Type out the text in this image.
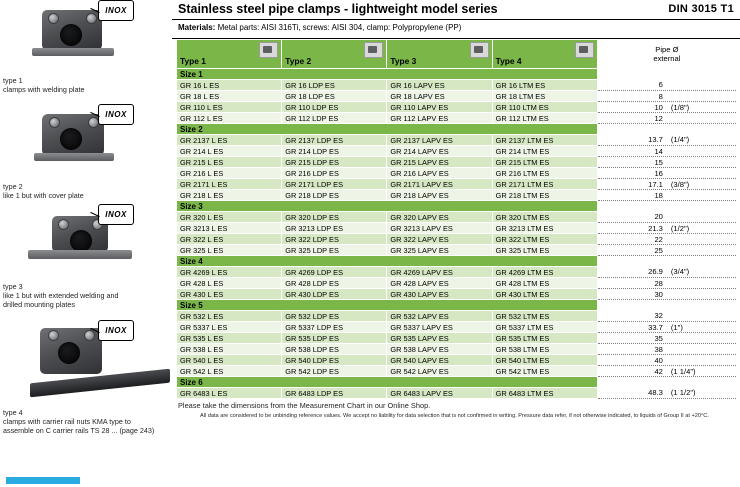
INOX
type 1
clamps with welding plate
INOX
type 2
like 1 but with cover plate
INOX
type 3
like 1 but with extended welding and
drilled mounting plates
INOX
type 4
clamps with carrier rail nuts KMA type to
assemble on C carrier rails TS 28 ... (page 243)
Stainless steel pipe clamps - lightweight model series	DIN 3015 T1
Materials: Metal parts: AISI 316Ti, screws: AISI 304, clamp: Polypropylene (PP)
Type 1	Type 2	Type 3	Type 4	Pipe Ø
external

Size 1				
GR 16 L ES	GR 16 LDP ES	GR 16 LAPV ES	GR 16 LTM ES	6
GR 18 L ES	GR 18 LDP ES	GR 18 LAPV ES	GR 18 LTM ES	8
GR 110 L ES	GR 110 LDP ES	GR 110 LAPV ES	GR 110 LTM ES	10 (1/8")
GR 112 L ES	GR 112 LDP ES	GR 112 LAPV ES	GR 112 LTM ES	12
Size 2				
GR 2137 L ES	GR 2137 LDP ES	GR 2137 LAPV ES	GR 2137 LTM ES	13.7 (1/4")
GR 214 L ES	GR 214 LDP ES	GR 214 LAPV ES	GR 214 LTM ES	14
GR 215 L ES	GR 215 LDP ES	GR 215 LAPV ES	GR 215 LTM ES	15
GR 216 L ES	GR 216 LDP ES	GR 216 LAPV ES	GR 216 LTM ES	16
GR 2171 L ES	GR 2171 LDP ES	GR 2171 LAPV ES	GR 2171 LTM ES	17.1 (3/8")
GR 218 L ES	GR 218 LDP ES	GR 218 LAPV ES	GR 218 LTM ES	18
Size 3				
GR 320 L ES	GR 320 LDP ES	GR 320 LAPV ES	GR 320 LTM ES	20
GR 3213 L ES	GR 3213 LDP ES	GR 3213 LAPV ES	GR 3213 LTM ES	21.3 (1/2")
GR 322 L ES	GR 322 LDP ES	GR 322 LAPV ES	GR 322 LTM ES	22
GR 325 L ES	GR 325 LDP ES	GR 325 LAPV ES	GR 325 LTM ES	25
Size 4				
GR 4269 L ES	GR 4269 LDP ES	GR 4269 LAPV ES	GR 4269 LTM ES	26.9 (3/4")
GR 428 L ES	GR 428 LDP ES	GR 428 LAPV ES	GR 428 LTM ES	28
GR 430 L ES	GR 430 LDP ES	GR 430 LAPV ES	GR 430 LTM ES	30
Size 5				
GR 532 L ES	GR 532 LDP ES	GR 532 LAPV ES	GR 532 LTM ES	32
GR 5337 L ES	GR 5337 LDP ES	GR 5337 LAPV ES	GR 5337 LTM ES	33.7 (1")
GR 535 L ES	GR 535 LDP ES	GR 535 LAPV ES	GR 535 LTM ES	35
GR 538 L ES	GR 538 LDP ES	GR 538 LAPV ES	GR 538 LTM ES	38
GR 540 L ES	GR 540 LDP ES	GR 540 LAPV ES	GR 540 LTM ES	40
GR 542 L ES	GR 542 LDP ES	GR 542 LAPV ES	GR 542 LTM ES	42 (1 1/4")
Size 6				
GR 6483 L ES	GR 6483 LDP ES	GR 6483 LAPV ES	GR 6483 LTM ES	48.3 (1 1/2")
Please take the dimensions from the Measurement Chart in our Online Shop.
All data are considered to be unbinding reference values. We accept no liability for data selection that is not confirmed in writing. Pressure data refer, if not otherwise indicated, to liquids of Group II at +20°C.
